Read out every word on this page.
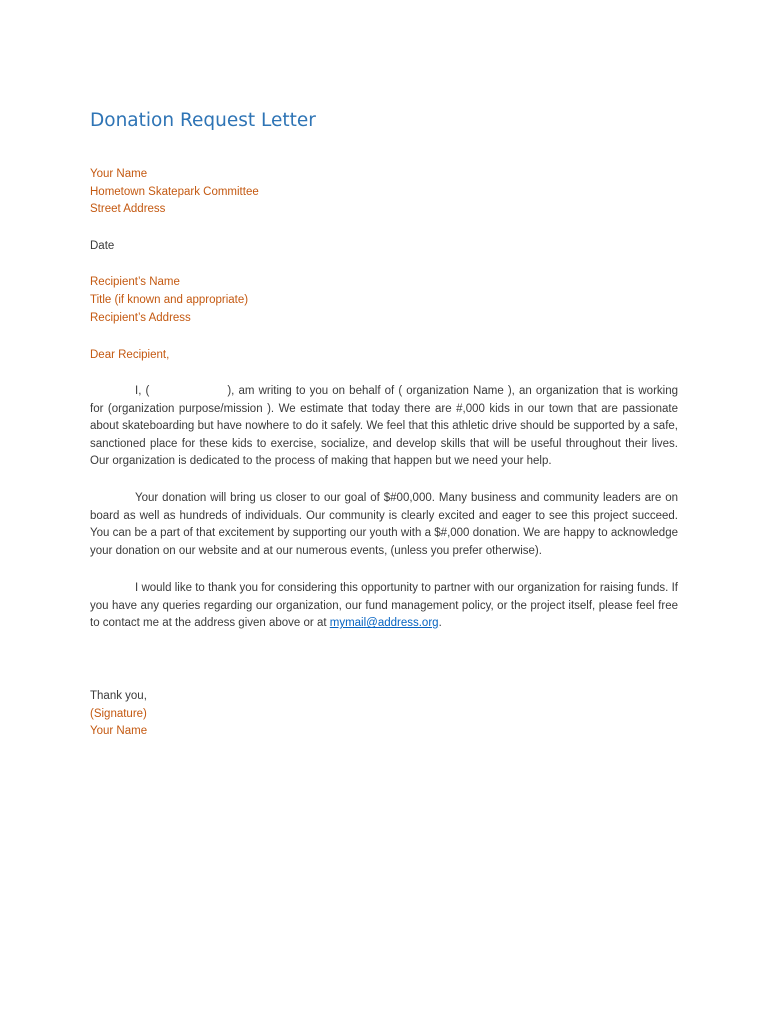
Donation Request Letter
Your Name
Hometown Skatepark Committee
Street Address
Date
Recipient’s Name
Title (if known and appropriate)
Recipient’s Address
Dear Recipient,

I, (	), am writing to you on behalf of ( organization Name ), an organization that is working for (organization purpose/mission ). We estimate that today there are #,000 kids in our town that are passionate about skateboarding but have nowhere to do it safely. We feel that this athletic drive should be supported by a safe, sanctioned place for these kids to exercise, socialize, and develop skills that will be useful throughout their lives. Our organization is dedicated to the process of making that happen but we need your help.

Your donation will bring us closer to our goal of $#00,000. Many business and community leaders are on board as well as hundreds of individuals. Our community is clearly excited and eager to see this project succeed. You can be a part of that excitement by supporting our youth with a $#,000 donation. We are happy to acknowledge your donation on our website and at our numerous events, (unless you prefer otherwise).

I would like to thank you for considering this opportunity to partner with our organization for raising funds. If you have any queries regarding our organization, our fund management policy, or the project itself, please feel free to contact me at the address given above or at mymail@address.org.

Thank you,
(Signature)
Your Name
